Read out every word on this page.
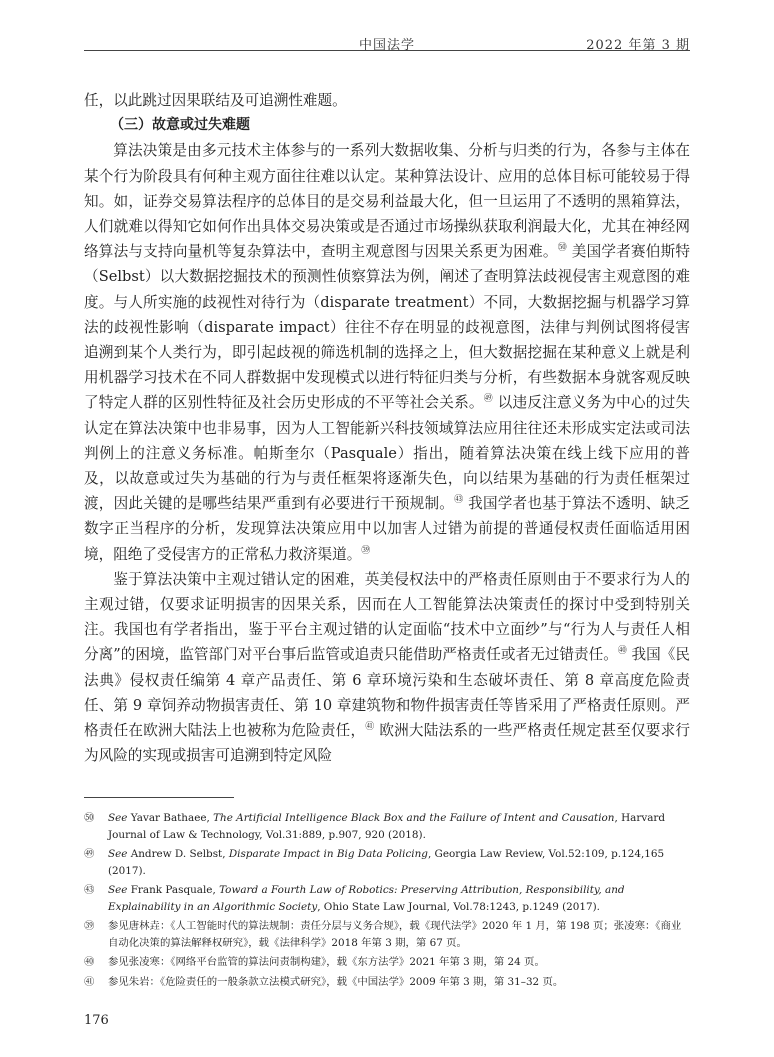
中国法学	2022 年第 3 期

任，以此跳过因果联结及可追溯性难题。

（三）故意或过失难题

算法决策是由多元技术主体参与的一系列大数据收集、分析与归类的行为，各参与主体在某个行为阶段具有何种主观方面往往难以认定。某种算法设计、应用的总体目标可能较易于得知。如，证券交易算法程序的总体目的是交易利益最大化，但一旦运用了不透明的黑箱算法，人们就难以得知它如何作出具体交易决策或是否通过市场操纵获取利润最大化，尤其在神经网络算法与支持向量机等复杂算法中，查明主观意图与因果关系更为困难。$^㊿$ 美国学者赛伯斯特（Selbst）以大数据挖掘技术的预测性侦察算法为例，阐述了查明算法歧视侵害主观意图的难度。与人所实施的歧视性对待行为（disparate treatment）不同，大数据挖掘与机器学习算法的歧视性影响（disparate impact）往往不存在明显的歧视意图，法律与判例试图将侵害追溯到某个人类行为，即引起歧视的筛选机制的选择之上，但大数据挖掘在某种意义上就是利用机器学习技术在不同人群数据中发现模式以进行特征归类与分析，有些数据本身就客观反映了特定人群的区别性特征及社会历史形成的不平等社会关系。$^㊾$ 以违反注意义务为中心的过失认定在算法决策中也非易事，因为人工智能新兴科技领域算法应用往往还未形成实定法或司法判例上的注意义务标准。帕斯奎尔（Pasquale）指出，随着算法决策在线上线下应用的普及，以故意或过失为基础的行为与责任框架将逐渐失色，向以结果为基础的行为责任框架过渡，因此关键的是哪些结果严重到有必要进行干预规制。$^㊸$ 我国学者也基于算法不透明、缺乏数字正当程序的分析，发现算法决策应用中以加害人过错为前提的普通侵权责任面临适用困境，阻绝了受侵害方的正常私力救济渠道。$^㊴$

鉴于算法决策中主观过错认定的困难，英美侵权法中的严格责任原则由于不要求行为人的主观过错，仅要求证明损害的因果关系，因而在人工智能算法决策责任的探讨中受到特别关注。我国也有学者指出，鉴于平台主观过错的认定面临“技术中立面纱”与“行为人与责任人相分离”的困境，监管部门对平台事后监管或追责只能借助严格责任或者无过错责任。$^㊵$ 我国《民法典》侵权责任编第 4 章产品责任、第 6 章环境污染和生态破坏责任、第 8 章高度危险责任、第 9 章饲养动物损害责任、第 10 章建筑物和物件损害责任等皆采用了严格责任原则。严格责任在欧洲大陆法上也被称为危险责任，$^㊶$ 欧洲大陆法系的一些严格责任规定甚至仅要求行为风险的实现或损害可追溯到特定风险

㊿	See Yavar Bathaee, The Artificial Intelligence Black Box and the Failure of Intent and Causation, Harvard Journal of Law & Technology, Vol.31:889, p.907, 920 (2018).
㊾	See Andrew D. Selbst, Disparate Impact in Big Data Policing, Georgia Law Review, Vol.52:109, p.124,165 (2017).
㊸	See Frank Pasquale, Toward a Fourth Law of Robotics: Preserving Attribution, Responsibility, and Explainability in an Algorithmic Society, Ohio State Law Journal, Vol.78:1243, p.1249 (2017).
㊴	参见唐林垚：《人工智能时代的算法规制：责任分层与义务合规》，载《现代法学》2020 年 1 月，第 198 页；张凌寒：《商业自动化决策的算法解释权研究》，载《法律科学》2018 年第 3 期，第 67 页。
㊵	参见张凌寒：《网络平台监管的算法问责制构建》，载《东方法学》2021 年第 3 期，第 24 页。
㊶	参见朱岩：《危险责任的一般条款立法模式研究》，载《中国法学》2009 年第 3 期，第 31–32 页。
176
